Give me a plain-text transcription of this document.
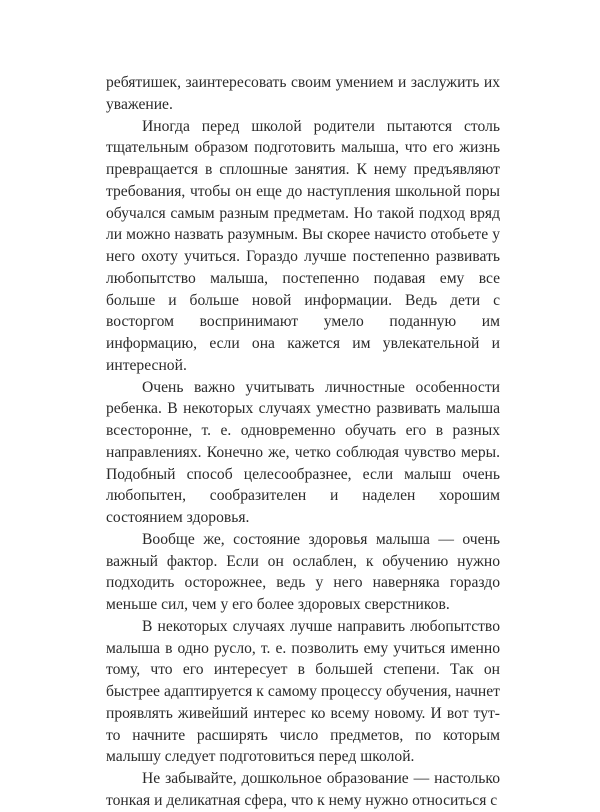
ребятишек, заинтересовать своим умением и заслужить их уважение.

Иногда перед школой родители пытаются столь тщательным образом подготовить малыша, что его жизнь превращается в сплошные занятия. К нему предъявляют требования, чтобы он еще до наступления школьной поры обучался самым разным предметам. Но такой подход вряд ли можно назвать разумным. Вы скорее начисто отобьете у него охоту учиться. Гораздо лучше постепенно развивать любопытство малыша, постепенно подавая ему все больше и больше новой информации. Ведь дети с восторгом воспринимают умело поданную им информацию, если она кажется им увлекательной и интересной.

Очень важно учитывать личностные особенности ребенка. В некоторых случаях уместно развивать малыша всесторонне, т. е. одновременно обучать его в разных направлениях. Конечно же, четко соблюдая чувство меры. Подобный способ целесообразнее, если малыш очень любопытен, сообразителен и наделен хорошим состоянием здоровья.

Вообще же, состояние здоровья малыша — очень важный фактор. Если он ослаблен, к обучению нужно подходить осторожнее, ведь у него наверняка гораздо меньше сил, чем у его более здоровых сверстников.

В некоторых случаях лучше направить любопытство малыша в одно русло, т. е. позволить ему учиться именно тому, что его интересует в большей степени. Так он быстрее адаптируется к самому процессу обучения, начнет проявлять живейший интерес ко всему новому. И вот тут-то начните расширять число предметов, по которым малышу следует подготовиться перед школой.

Не забывайте, дошкольное образование — настолько тонкая и деликатная сфера, что к нему нужно относиться с
